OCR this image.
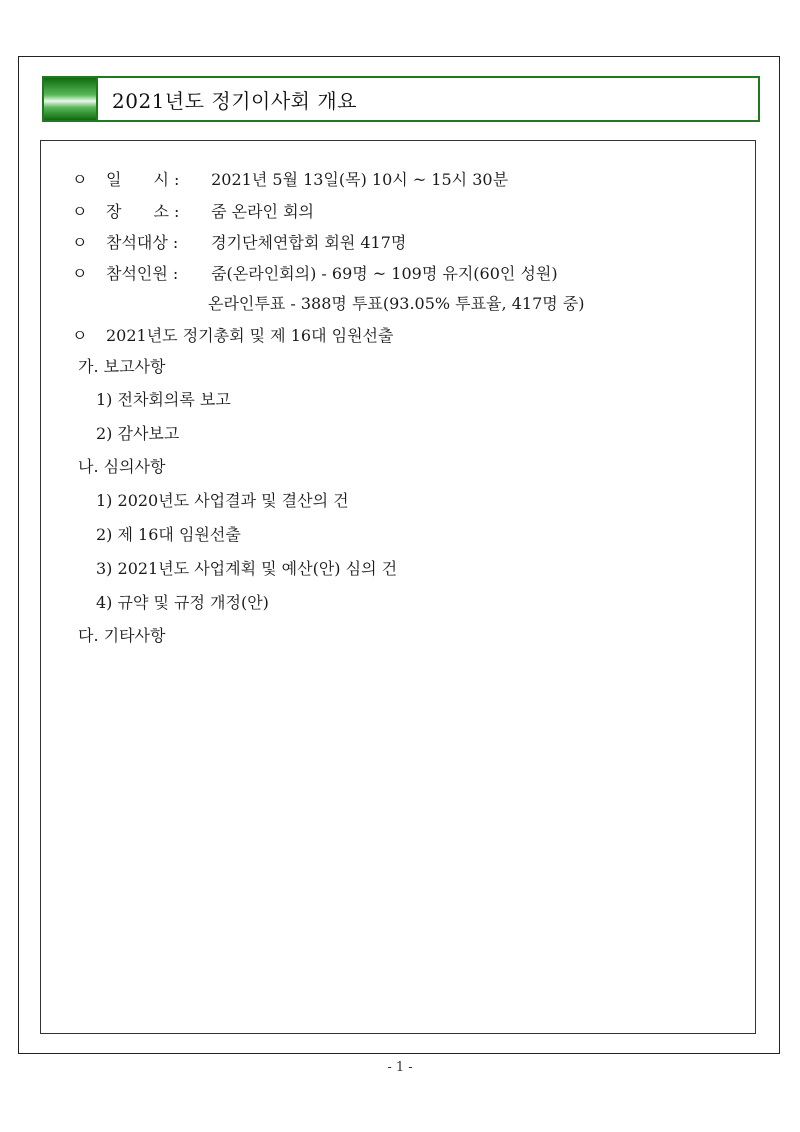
2021년도 정기이사회 개요
ㅇ 일　　시 : 2021년 5월 13일(목) 10시 ~ 15시 30분
ㅇ 장　　소 : 줌 온라인 회의
ㅇ 참석대상 : 경기단체연합회 회원 417명
ㅇ 참석인원 : 줌(온라인회의) - 69명 ~ 109명 유지(60인 성원)
온라인투표 - 388명 투표(93.05% 투표율, 417명 중)
ㅇ 2021년도 정기총회 및 제 16대 임원선출
가. 보고사항
1) 전차회의록 보고
2) 감사보고
나. 심의사항
1) 2020년도 사업결과 및 결산의 건
2) 제 16대 임원선출
3) 2021년도 사업계획 및 예산(안) 심의 건
4) 규약 및 규정 개정(안)
다. 기타사항
- 1 -
